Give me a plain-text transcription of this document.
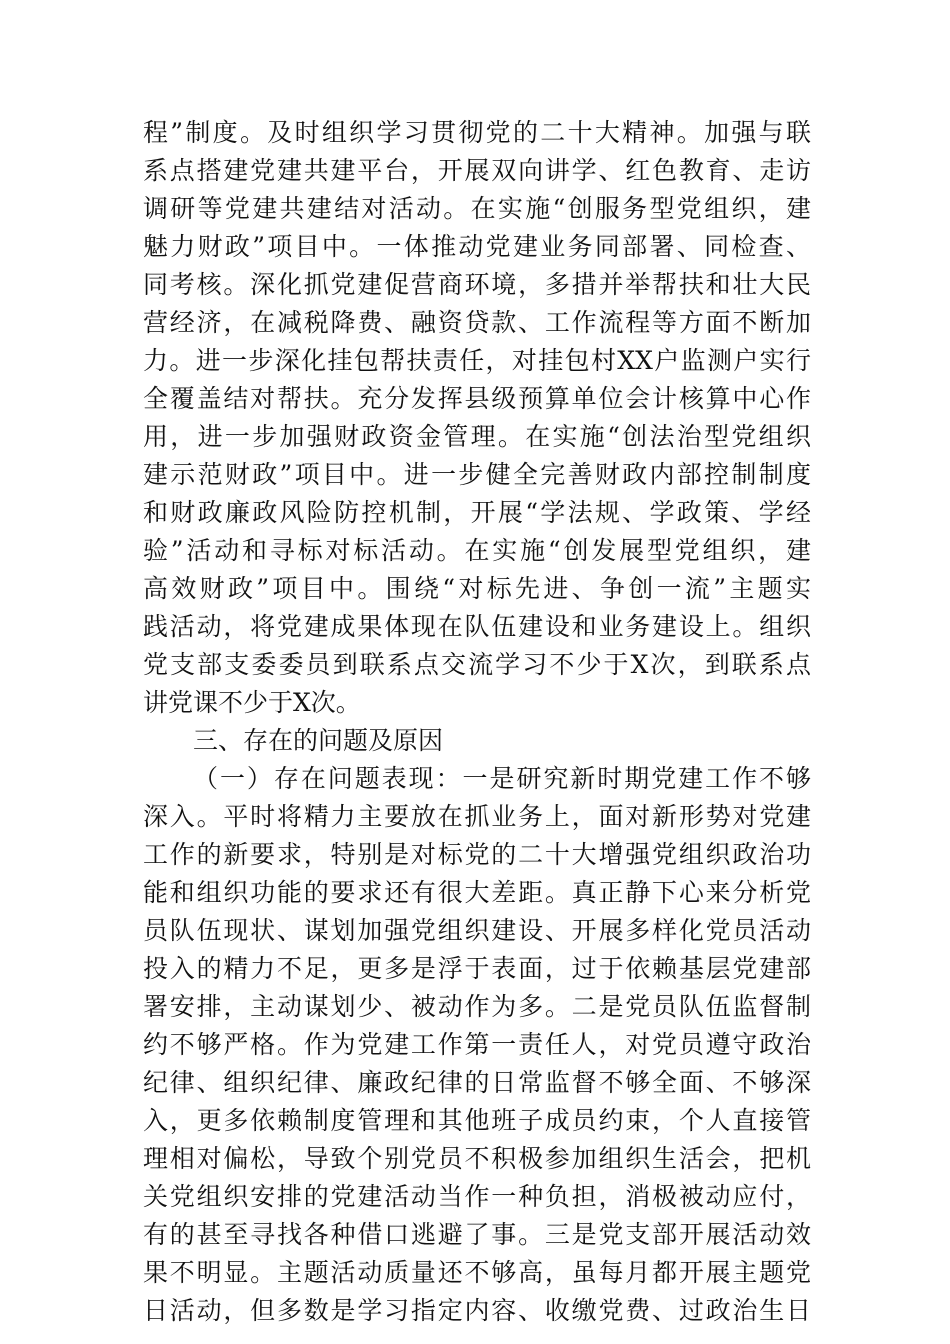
程”制度。及时组织学习贯彻党的二十大精神。加强与联
系点搭建党建共建平台，开展双向讲学、红色教育、走访
调研等党建共建结对活动。在实施“创服务型党组织，建
魅力财政”项目中。一体推动党建业务同部署、同检查、
同考核。深化抓党建促营商环境，多措并举帮扶和壮大民
营经济，在减税降费、融资贷款、工作流程等方面不断加
力。进一步深化挂包帮扶责任，对挂包村XX户监测户实行
全覆盖结对帮扶。充分发挥县级预算单位会计核算中心作
用，进一步加强财政资金管理。在实施“创法治型党组织
建示范财政”项目中。进一步健全完善财政内部控制制度
和财政廉政风险防控机制，开展“学法规、学政策、学经
验”活动和寻标对标活动。在实施“创发展型党组织，建
高效财政”项目中。围绕“对标先进、争创一流”主题实
践活动，将党建成果体现在队伍建设和业务建设上。组织
党支部支委委员到联系点交流学习不少于X次，到联系点
讲党课不少于X次。
三、存在的问题及原因
（一）存在问题表现：一是研究新时期党建工作不够
深入。平时将精力主要放在抓业务上，面对新形势对党建
工作的新要求，特别是对标党的二十大增强党组织政治功
能和组织功能的要求还有很大差距。真正静下心来分析党
员队伍现状、谋划加强党组织建设、开展多样化党员活动
投入的精力不足，更多是浮于表面，过于依赖基层党建部
署安排，主动谋划少、被动作为多。二是党员队伍监督制
约不够严格。作为党建工作第一责任人，对党员遵守政治
纪律、组织纪律、廉政纪律的日常监督不够全面、不够深
入，更多依赖制度管理和其他班子成员约束，个人直接管
理相对偏松，导致个别党员不积极参加组织生活会，把机
关党组织安排的党建活动当作一种负担，消极被动应付，
有的甚至寻找各种借口逃避了事。三是党支部开展活动效
果不明显。主题活动质量还不够高，虽每月都开展主题党
日活动，但多数是学习指定内容、收缴党费、过政治生日
